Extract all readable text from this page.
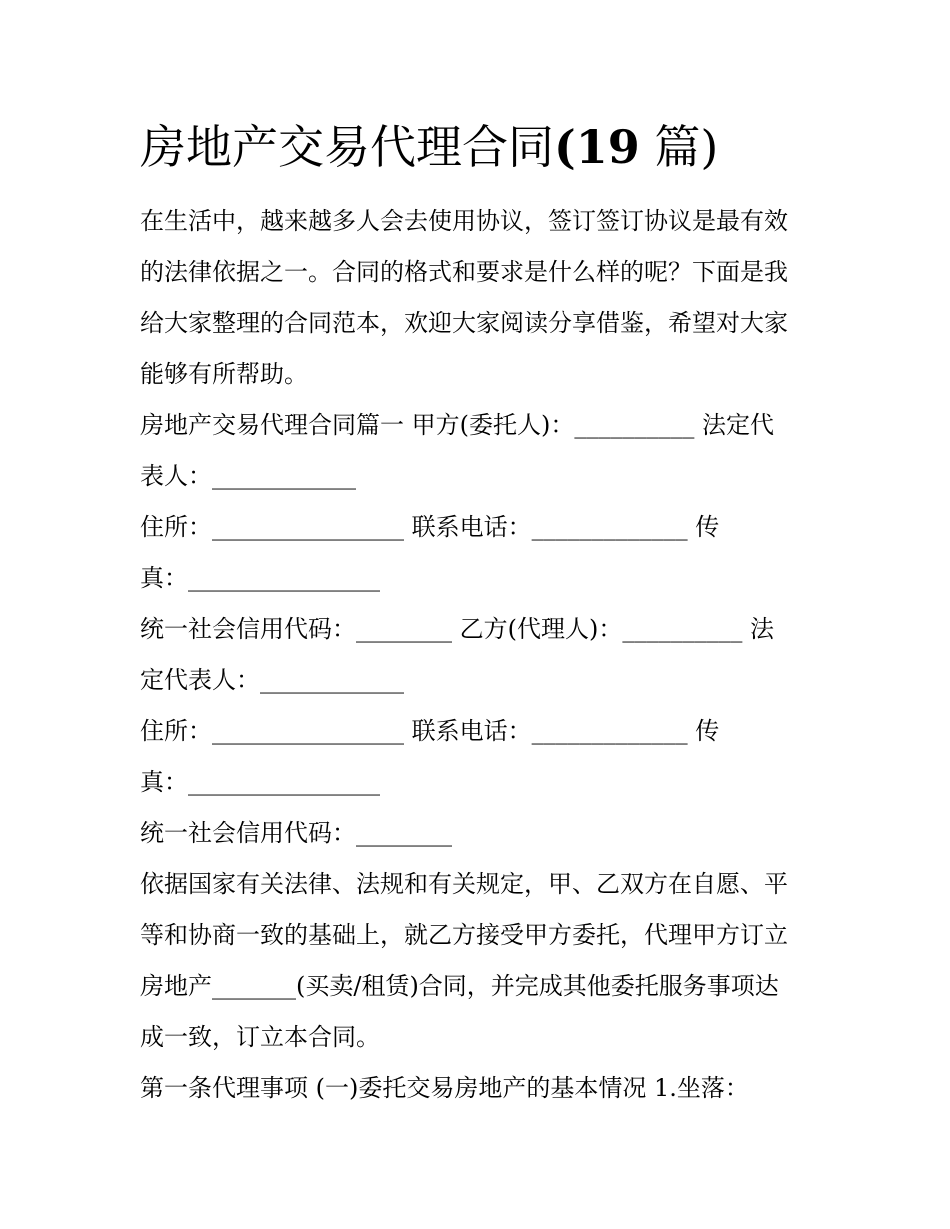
房地产交易代理合同(19 篇)
在生活中，越来越多人会去使用协议，签订签订协议是最有效
的法律依据之一。合同的格式和要求是什么样的呢？下面是我
给大家整理的合同范本，欢迎大家阅读分享借鉴，希望对大家
能够有所帮助。
房地产交易代理合同篇一 甲方(委托人)：__________ 法定代
表人：____________
住所：________________ 联系电话：_____________ 传
真：________________
统一社会信用代码：________ 乙方(代理人)：__________ 法
定代表人：____________
住所：________________ 联系电话：_____________ 传
真：________________
统一社会信用代码：________
依据国家有关法律、法规和有关规定，甲、乙双方在自愿、平
等和协商一致的基础上，就乙方接受甲方委托，代理甲方订立
房地产_______(买卖/租赁)合同，并完成其他委托服务事项达
成一致，订立本合同。
第一条代理事项 (一)委托交易房地产的基本情况 1.坐落：
